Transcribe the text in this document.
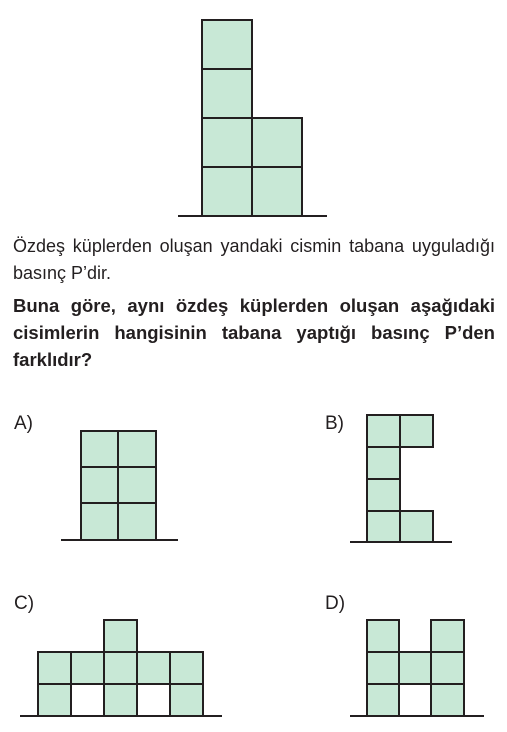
Özdeş küplerden oluşan yandaki cismin tabana uyguladığı basınç P’dir.

Buna göre, aynı özdeş küplerden oluşan aşağıdaki cisimlerin hangisinin tabana yaptığı basınç P’den farklıdır?

A)	B)
C)	D)
